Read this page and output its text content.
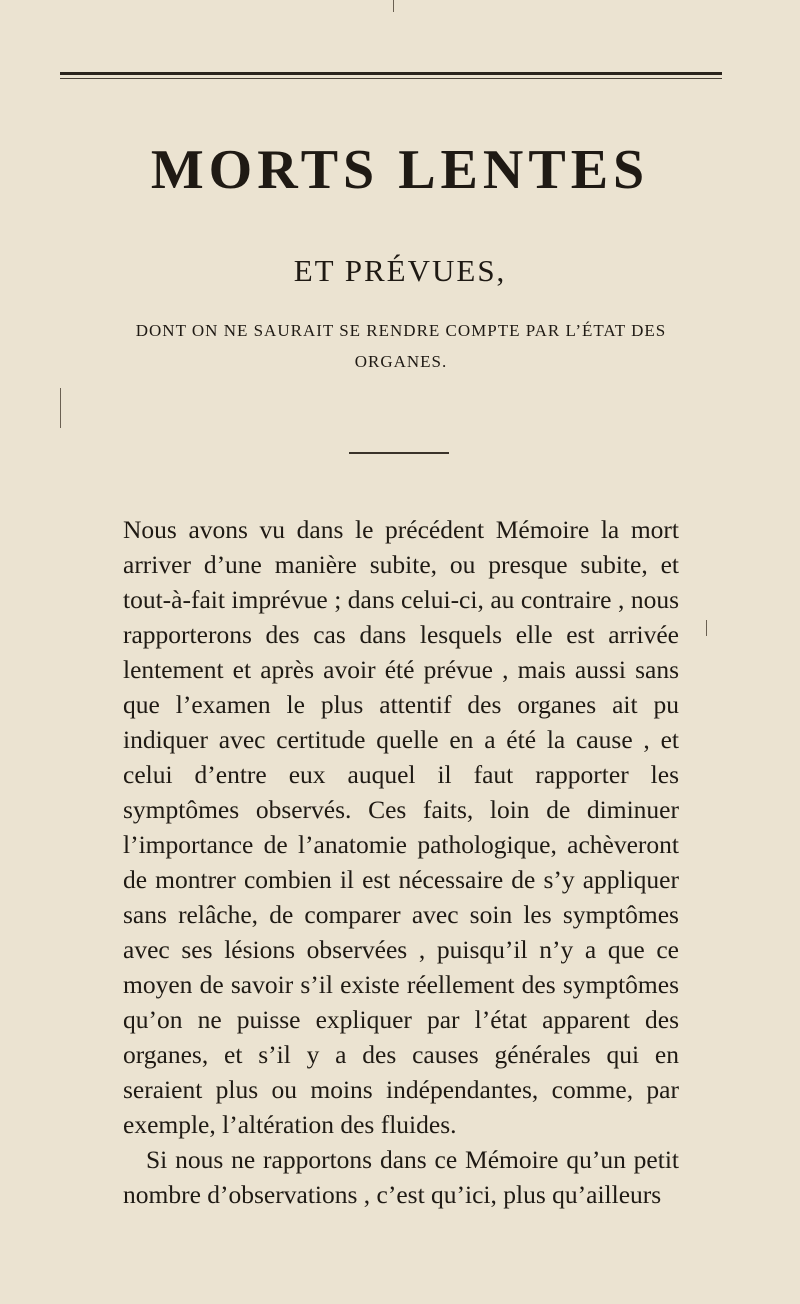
MORTS LENTES
ET PRÉVUES,
DONT ON NE SAURAIT SE RENDRE COMPTE PAR L’ÉTAT DES ORGANES.

Nous avons vu dans le précédent Mémoire la mort arriver d’une manière subite, ou presque subite, et tout-à-fait imprévue ; dans celui-ci, au contraire , nous rapporterons des cas dans lesquels elle est arrivée lentement et après avoir été prévue , mais aussi sans que l’examen le plus attentif des organes ait pu indiquer avec certitude quelle en a été la cause , et celui d’entre eux auquel il faut rapporter les symptômes observés. Ces faits, loin de diminuer l’importance de l’anatomie pathologique, achèveront de montrer combien il est nécessaire de s’y appliquer sans relâche, de comparer avec soin les symptômes avec ses lésions observées , puisqu’il n’y a que ce moyen de savoir s’il existe réellement des symptômes qu’on ne puisse expliquer par l’état apparent des organes, et s’il y a des causes générales qui en seraient plus ou moins indépendantes, comme, par exemple, l’altération des fluides.

Si nous ne rapportons dans ce Mémoire qu’un petit nombre d’observations , c’est qu’ici, plus qu’ailleurs
